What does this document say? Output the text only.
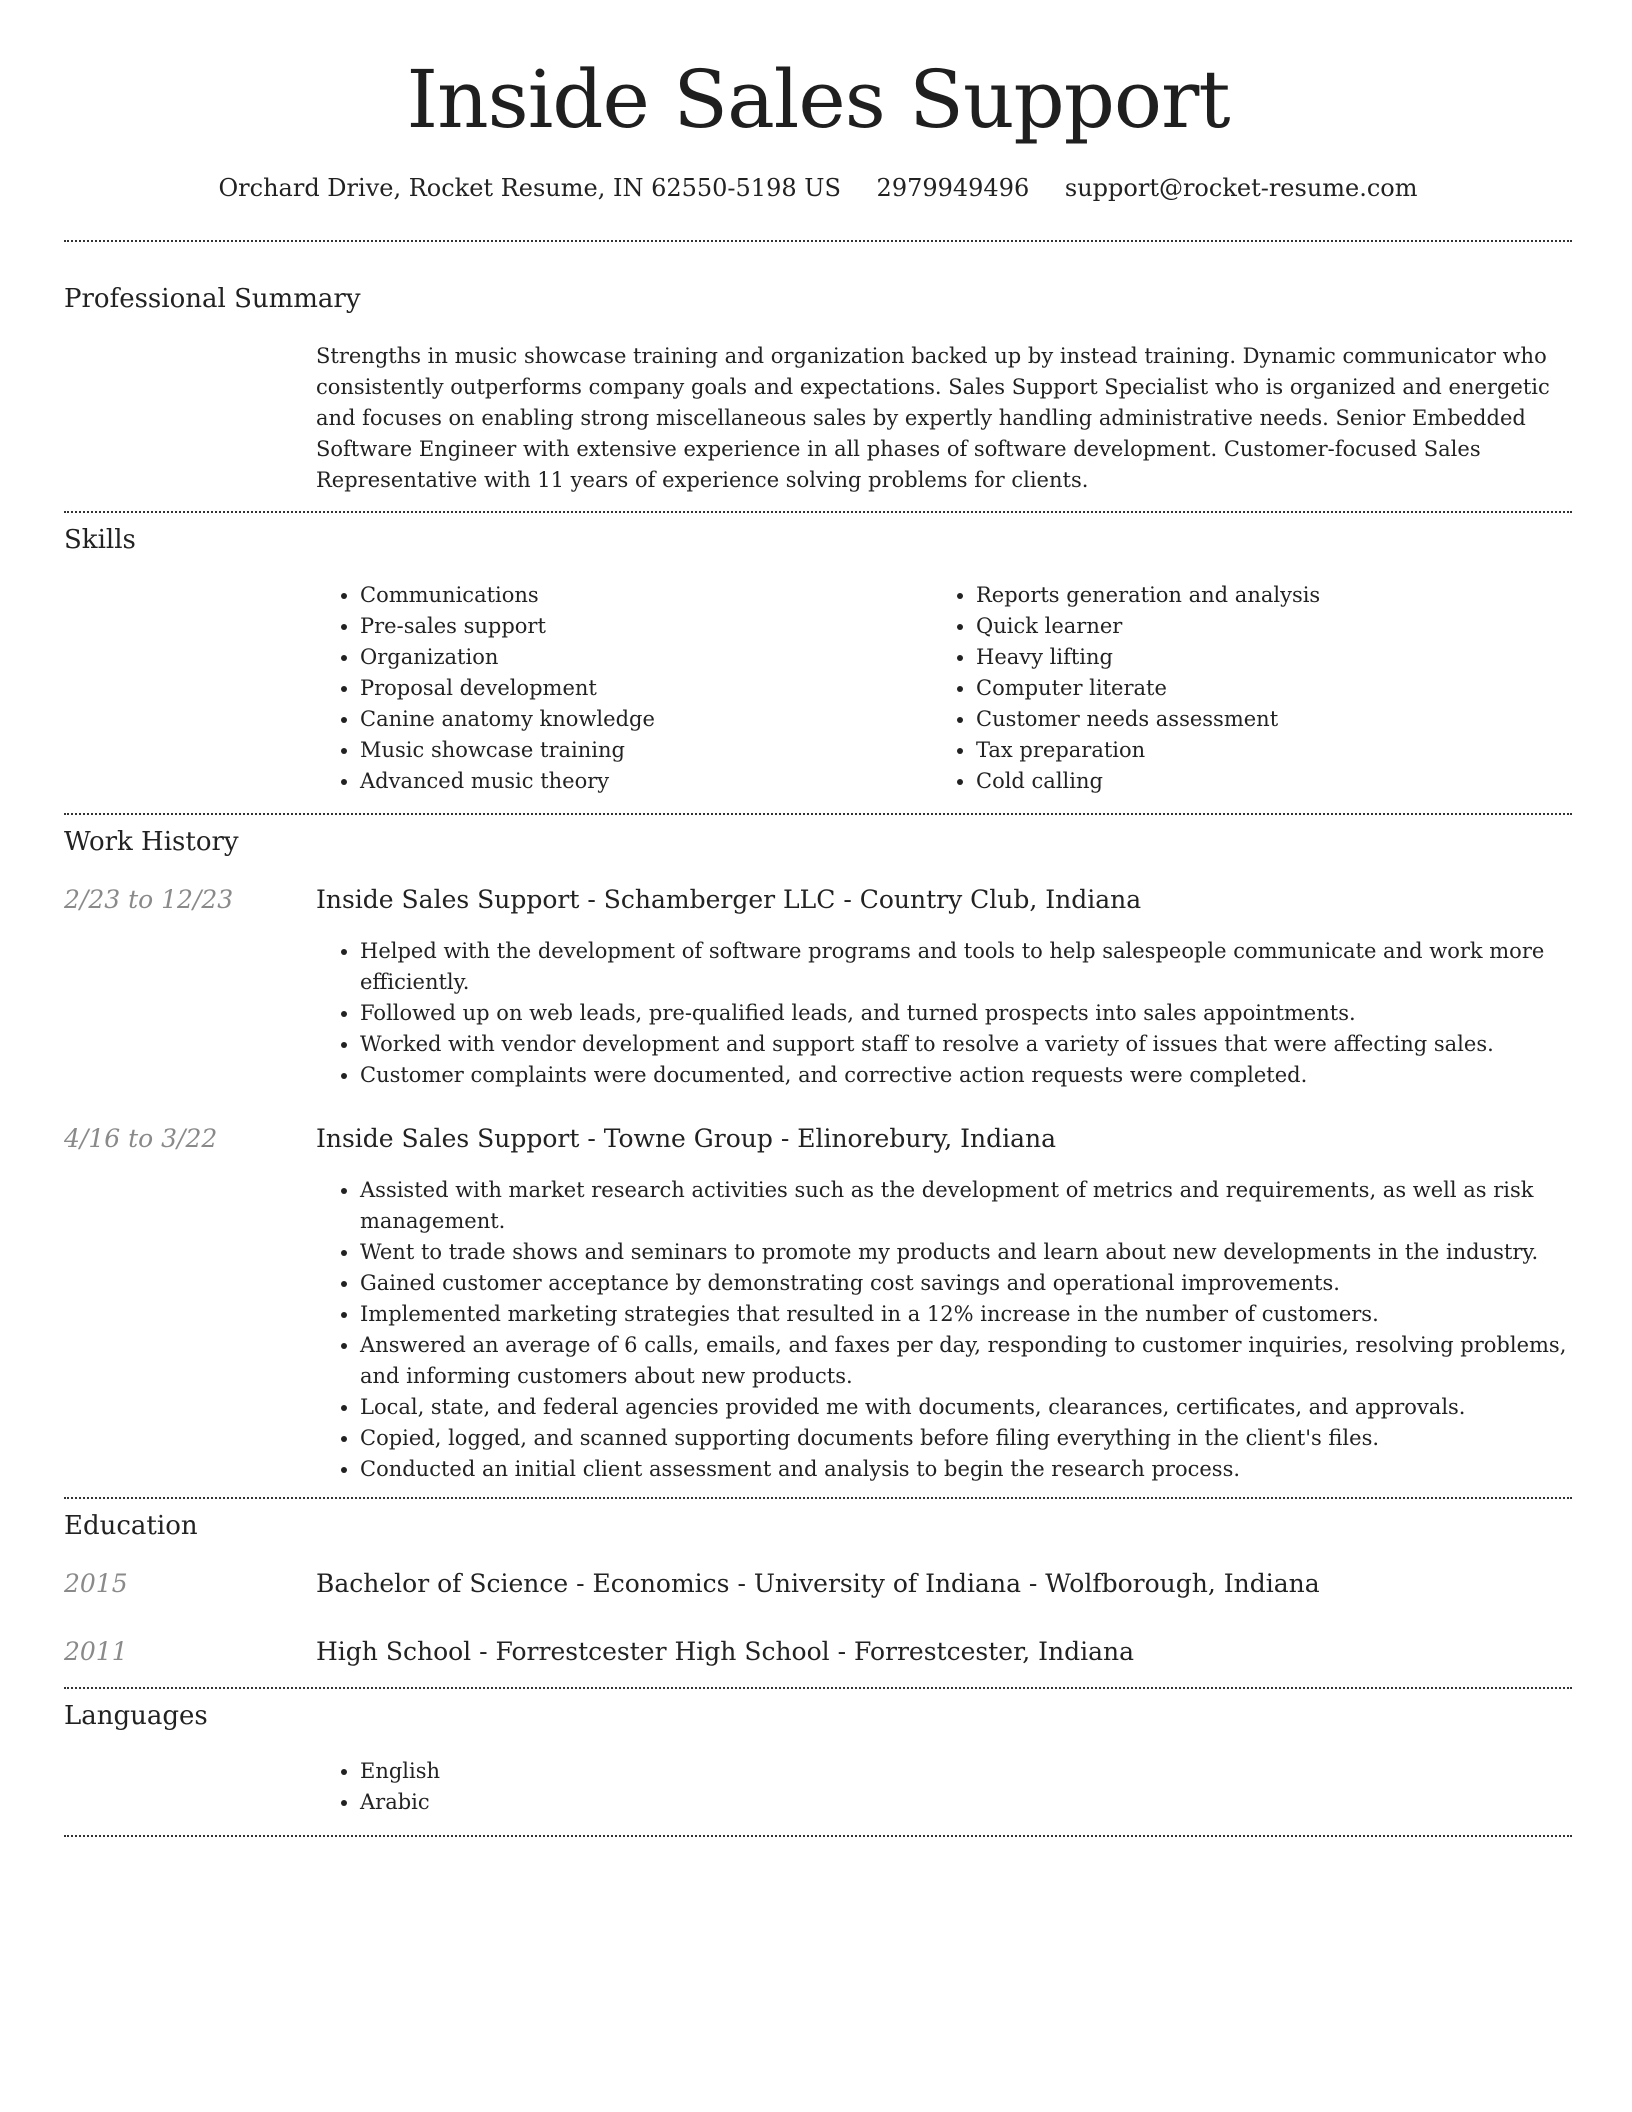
Inside Sales Support
Orchard Drive, Rocket Resume, IN 62550-5198 US 2979949496 support@rocket-resume.com
Professional Summary
Strengths in music showcase training and organization backed up by instead training. Dynamic communicator who consistently outperforms company goals and expectations. Sales Support Specialist who is organized and energetic and focuses on enabling strong miscellaneous sales by expertly handling administrative needs. Senior Embedded Software Engineer with extensive experience in all phases of software development. Customer-focused Sales Representative with 11 years of experience solving problems for clients.
Skills
• Communications
• Pre-sales support
• Organization
• Proposal development
• Canine anatomy knowledge
• Music showcase training
• Advanced music theory
• Reports generation and analysis
• Quick learner
• Heavy lifting
• Computer literate
• Customer needs assessment
• Tax preparation
• Cold calling
Work History
2/23 to 12/23	Inside Sales Support - Schamberger LLC - Country Club, Indiana
• Helped with the development of software programs and tools to help salespeople communicate and work more efficiently.
• Followed up on web leads, pre-qualified leads, and turned prospects into sales appointments.
• Worked with vendor development and support staff to resolve a variety of issues that were affecting sales.
• Customer complaints were documented, and corrective action requests were completed.
4/16 to 3/22	Inside Sales Support - Towne Group - Elinorebury, Indiana
• Assisted with market research activities such as the development of metrics and requirements, as well as risk management.
• Went to trade shows and seminars to promote my products and learn about new developments in the industry.
• Gained customer acceptance by demonstrating cost savings and operational improvements.
• Implemented marketing strategies that resulted in a 12% increase in the number of customers.
• Answered an average of 6 calls, emails, and faxes per day, responding to customer inquiries, resolving problems, and informing customers about new products.
• Local, state, and federal agencies provided me with documents, clearances, certificates, and approvals.
• Copied, logged, and scanned supporting documents before filing everything in the client's files.
• Conducted an initial client assessment and analysis to begin the research process.
Education
2015	Bachelor of Science - Economics - University of Indiana - Wolfborough, Indiana
2011	High School - Forrestcester High School - Forrestcester, Indiana
Languages
• English
• Arabic
